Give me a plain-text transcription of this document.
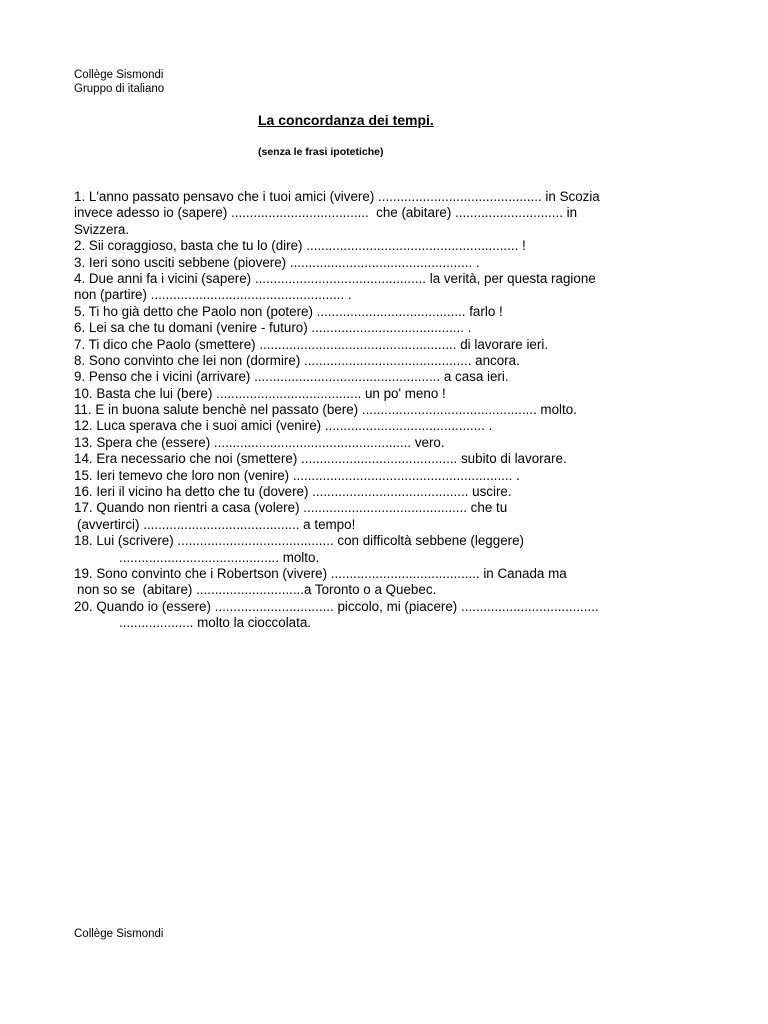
Collège Sismondi
Gruppo di italiano
La concordanza dei tempi.
(senza le frasi ipotetiche)
1. L'anno passato pensavo che i tuoi amici (vivere) ............................................ in Scozia
invece adesso io (sapere) .....................................  che (abitare) ............................. in
Svizzera.
2. Sii coraggioso, basta che tu lo (dire) ......................................................... !
3. Ieri sono usciti sebbene (piovere) ................................................. .
4. Due anni fa i vicini (sapere) .............................................. la verità, per questa ragione
non (partire) .................................................... .
5. Ti ho già detto che Paolo non (potere) ........................................ farlo !
6. Lei sa che tu domani (venire - futuro) ......................................... .
7. Ti dico che Paolo (smettere) ..................................................... di lavorare ieri.
8. Sono convinto che lei non (dormire) ............................................. ancora.
9. Penso che i vicini (arrivare) .................................................. a casa ieri.
10. Basta che lui (bere) ....................................... un po' meno !
11. E in buona salute benchè nel passato (bere) ............................................... molto.
12. Luca sperava che i suoi amici (venire) ........................................... .
13. Spera che (essere) ..................................................... vero.
14. Era necessario che noi (smettere) .......................................... subito di lavorare.
15. Ieri temevo che loro non (venire) ........................................................... .
16. Ieri il vicino ha detto che tu (dovere) .......................................... uscire.
17. Quando non rientri a casa (volere) ............................................ che tu
(avvertirci) .......................................... a tempo!
18. Lui (scrivere) .......................................... con difficoltà sebbene (leggere)
........................................... molto.
19. Sono convinto che i Robertson (vivere) ........................................ in Canada ma
non so se  (abitare) .............................a Toronto o a Quebec.
20. Quando io (essere) ................................ piccolo, mi (piacere) .....................................
.................... molto la cioccolata.
Collège Sismondi
